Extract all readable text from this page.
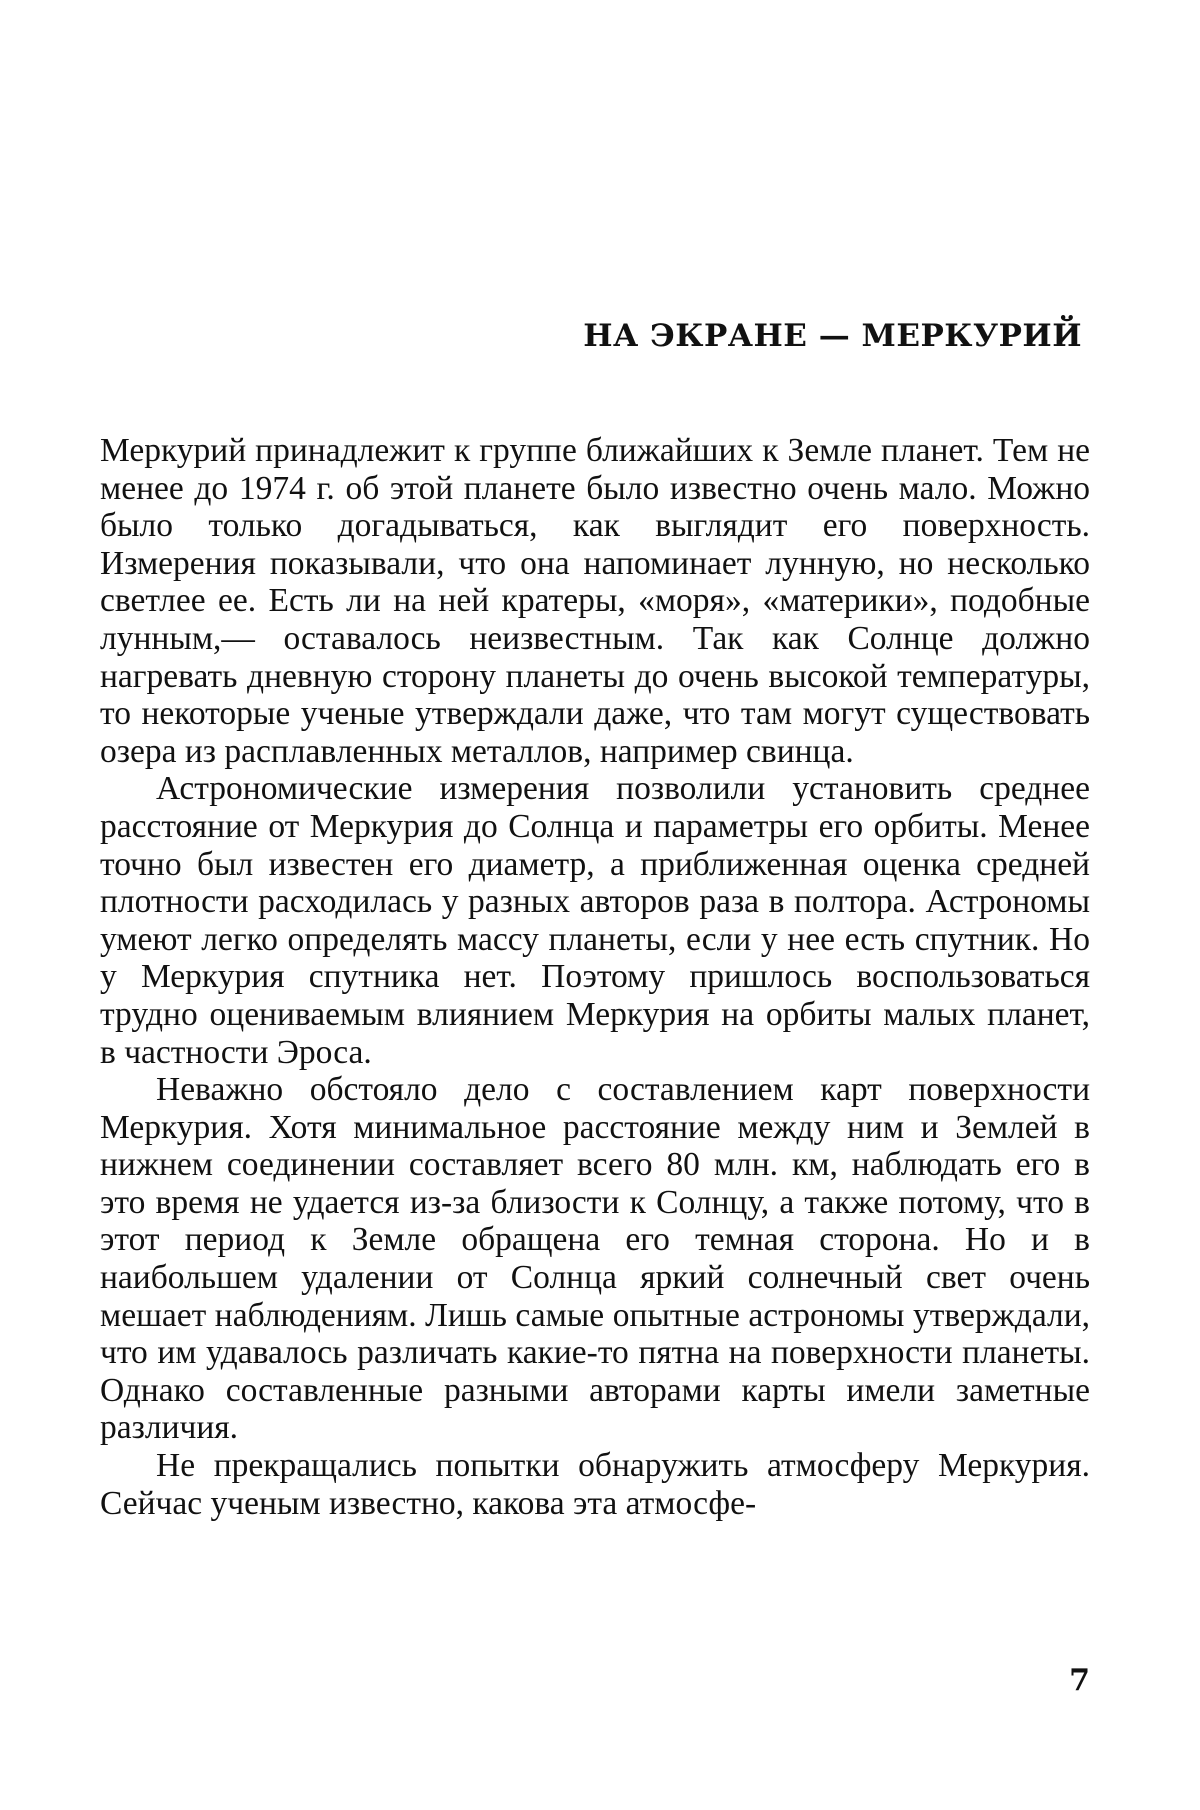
НА ЭКРАНЕ — МЕРКУРИЙ

Меркурий принадлежит к группе ближайших к Земле планет. Тем не менее до 1974 г. об этой планете было известно очень мало. Можно было только догадываться, как выглядит его поверхность. Измерения показывали, что она напоминает лунную, но несколько светлее ее. Есть ли на ней кратеры, «моря», «материки», подобные лунным,— оставалось неизвестным. Так как Солнце должно нагревать дневную сторону планеты до очень высокой температуры, то некоторые ученые утверждали даже, что там могут существовать озера из расплавленных металлов, например свинца.

Астрономические измерения позволили установить среднее расстояние от Меркурия до Солнца и параметры его орбиты. Менее точно был известен его диаметр, а приближенная оценка средней плотности расходилась у разных авторов раза в полтора. Астрономы умеют легко определять массу планеты, если у нее есть спутник. Но у Меркурия спутника нет. Поэтому пришлось воспользоваться трудно оцениваемым влиянием Меркурия на орбиты малых планет, в частности Эроса.

Неважно обстояло дело с составлением карт поверхности Меркурия. Хотя минимальное расстояние между ним и Землей в нижнем соединении составляет всего 80 млн. км, наблюдать его в это время не удается из-за близости к Солнцу, а также потому, что в этот период к Земле обращена его темная сторона. Но и в наибольшем удалении от Солнца яркий солнечный свет очень мешает наблюдениям. Лишь самые опытные астрономы утверждали, что им удавалось различать какие-то пятна на поверхности планеты. Однако составленные разными авторами карты имели заметные различия.

Не прекращались попытки обнаружить атмосферу Меркурия. Сейчас ученым известно, какова эта атмосфе-

7
